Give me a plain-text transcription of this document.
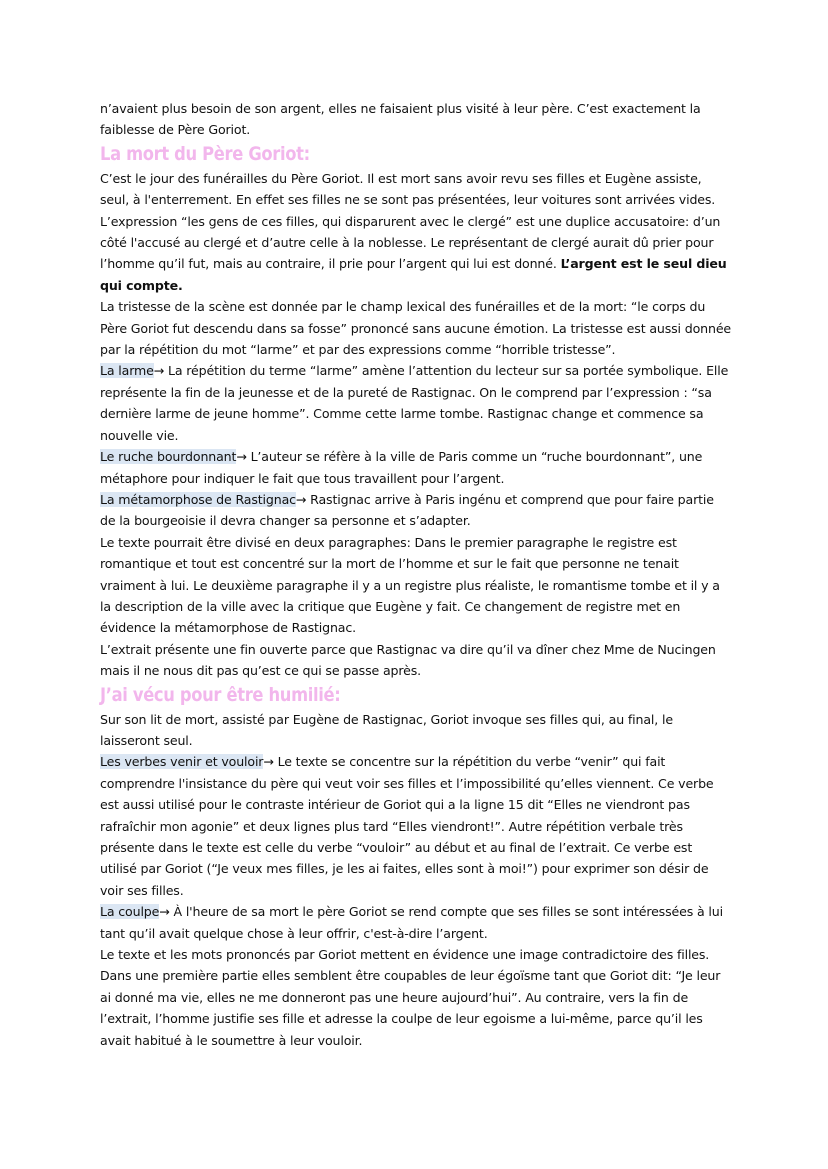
n’avaient plus besoin de son argent, elles ne faisaient plus visité à leur père. C’est exactement la faiblesse de Père Goriot.

La mort du Père Goriot:

C’est le jour des funérailles du Père Goriot. Il est mort sans avoir revu ses filles et Eugène assiste, seul, à l'enterrement. En effet ses filles ne se sont pas présentées, leur voitures sont arrivées vides. L’expression “les gens de ces filles, qui disparurent avec le clergé” est une duplice accusatoire: d’un côté l'accusé au clergé et d’autre celle à la noblesse. Le représentant de clergé aurait dû prier pour l’homme qu’il fut, mais au contraire, il prie pour l’argent qui lui est donné. L’argent est le seul dieu qui compte.

La tristesse de la scène est donnée par le champ lexical des funérailles et de la mort: “le corps du Père Goriot fut descendu dans sa fosse” prononcé sans aucune émotion. La tristesse est aussi donnée par la répétition du mot “larme” et par des expressions comme “horrible tristesse”.

La larme→ La répétition du terme “larme” amène l’attention du lecteur sur sa portée symbolique. Elle représente la fin de la jeunesse et de la pureté de Rastignac. On le comprend par l’expression : “sa dernière larme de jeune homme”. Comme cette larme tombe. Rastignac change et commence sa nouvelle vie.

Le ruche bourdonnant→ L’auteur se réfère à la ville de Paris comme un “ruche bourdonnant”, une métaphore pour indiquer le fait que tous travaillent pour l’argent.

La métamorphose de Rastignac→ Rastignac arrive à Paris ingénu et comprend que pour faire partie de la bourgeoisie il devra changer sa personne et s’adapter.

Le texte pourrait être divisé en deux paragraphes: Dans le premier paragraphe le registre est romantique et tout est concentré sur la mort de l’homme et sur le fait que personne ne tenait vraiment à lui. Le deuxième paragraphe il y a un registre plus réaliste, le romantisme tombe et il y a la description de la ville avec la critique que Eugène y fait. Ce changement de registre met en évidence la métamorphose de Rastignac.

L’extrait présente une fin ouverte parce que Rastignac va dire qu’il va dîner chez Mme de Nucingen mais il ne nous dit pas qu’est ce qui se passe après.

J’ai vécu pour être humilié:

Sur son lit de mort, assisté par Eugène de Rastignac, Goriot invoque ses filles qui, au final, le laisseront seul.

Les verbes venir et vouloir→ Le texte se concentre sur la répétition du verbe “venir” qui fait comprendre l'insistance du père qui veut voir ses filles et l’impossibilité qu’elles viennent. Ce verbe est aussi utilisé pour le contraste intérieur de Goriot qui a la ligne 15 dit “Elles ne viendront pas rafraîchir mon agonie” et deux lignes plus tard “Elles viendront!”. Autre répétition verbale très présente dans le texte est celle du verbe “vouloir” au début et au final de l’extrait. Ce verbe est utilisé par Goriot (“Je veux mes filles, je les ai faites, elles sont à moi!”) pour exprimer son désir de voir ses filles.

La coulpe→ À l'heure de sa mort le père Goriot se rend compte que ses filles se sont intéressées à lui tant qu’il avait quelque chose à leur offrir, c'est-à-dire l’argent.

Le texte et les mots prononcés par Goriot mettent en évidence une image contradictoire des filles. Dans une première partie elles semblent être coupables de leur égoïsme tant que Goriot dit: “Je leur ai donné ma vie, elles ne me donneront pas une heure aujourd’hui”. Au contraire, vers la fin de l’extrait, l’homme justifie ses fille et adresse la coulpe de leur egoisme a lui-même, parce qu’il les avait habitué à le soumettre à leur vouloir.
